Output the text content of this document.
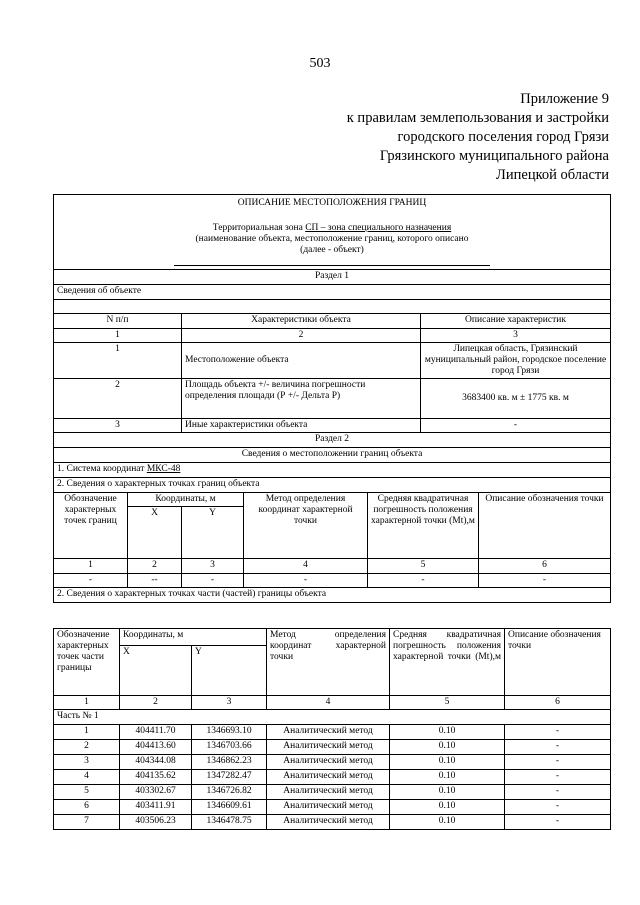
503
Приложение 9
к правилам землепользования и застройки
городского поселения город Грязи
Грязинского муниципального района
Липецкой области
ОПИСАНИЕ МЕСТОПОЛОЖЕНИЯ ГРАНИЦ
Территориальная зона СП – зона специального назначения
(наименование объекта, местоположение границ, которого описано
(далее - объект)						

Раздел 1						
Сведения об объекте						

N п/п		Характеристики объекта			Описание характеристик	
1		2			3	
1		Местоположение объекта			Липецкая область, Грязинский муниципальный район, городское поселение город Грязи	
2		Площадь объекта +/- величина погрешности определения площади (Р +/- Дельта Р)			3683400 кв. м ± 1775 кв. м	
3		Иные характеристики объекта			-	
Раздел 2						
Сведения о местоположении границ объекта						
1. Система координат МКС-48						
2. Сведения о характерных точках границ объекта						
Обозначение характерных точек границ	Координаты, м		Метод определения координат характерной точки	Средняя квадратичная погрешность положения характерной точки (Мt),м		Описание обозначения точки
	X	Y				
1	2	3	4	5		6
-	--	-	-	-		-
2. Сведения о характерных точках части (частей) границы объекта						
Обозначение характерных точек части границы	Координаты, м		Метод определения координат характерной точки	Средняя квадратичная погрешность положения характерной точки (Мt),м	Описание обозначения точки
	X	Y			
1	2	3	4	5	6
Часть № 1					
1	404411.70	1346693.10	Аналитический метод	0.10	-
2	404413.60	1346703.66	Аналитический метод	0.10	-
3	404344.08	1346862.23	Аналитический метод	0.10	-
4	404135.62	1347282.47	Аналитический метод	0.10	-
5	403302.67	1346726.82	Аналитический метод	0.10	-
6	403411.91	1346609.61	Аналитический метод	0.10	-
7	403506.23	1346478.75	Аналитический метод	0.10	-
